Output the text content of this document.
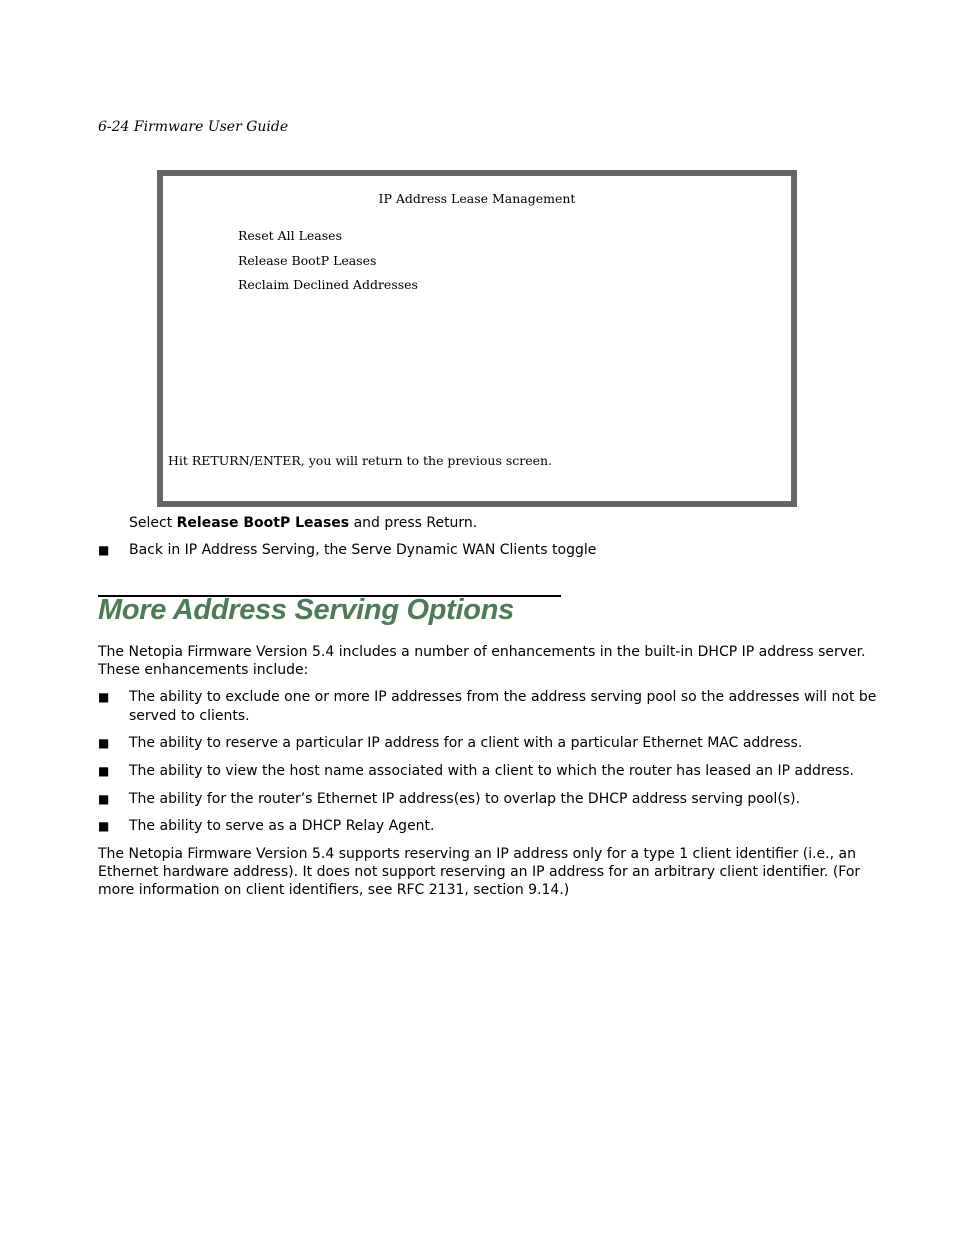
6-24 Firmware User Guide
IP Address Lease Management
Reset All Leases
Release BootP Leases
Reclaim Declined Addresses
Hit RETURN/ENTER, you will return to the previous screen.
Select Release BootP Leases and press Return.
■ Back in IP Address Serving, the Serve Dynamic WAN Clients toggle
More Address Serving Options
The Netopia Firmware Version 5.4 includes a number of enhancements in the built-in DHCP IP address server.
These enhancements include:
■ The ability to exclude one or more IP addresses from the address serving pool so the addresses will not be
served to clients.
■ The ability to reserve a particular IP address for a client with a particular Ethernet MAC address.
■ The ability to view the host name associated with a client to which the router has leased an IP address.
■ The ability for the router’s Ethernet IP address(es) to overlap the DHCP address serving pool(s).
■ The ability to serve as a DHCP Relay Agent.
The Netopia Firmware Version 5.4 supports reserving an IP address only for a type 1 client identifier (i.e., an
Ethernet hardware address). It does not support reserving an IP address for an arbitrary client identifier. (For
more information on client identifiers, see RFC 2131, section 9.14.)
